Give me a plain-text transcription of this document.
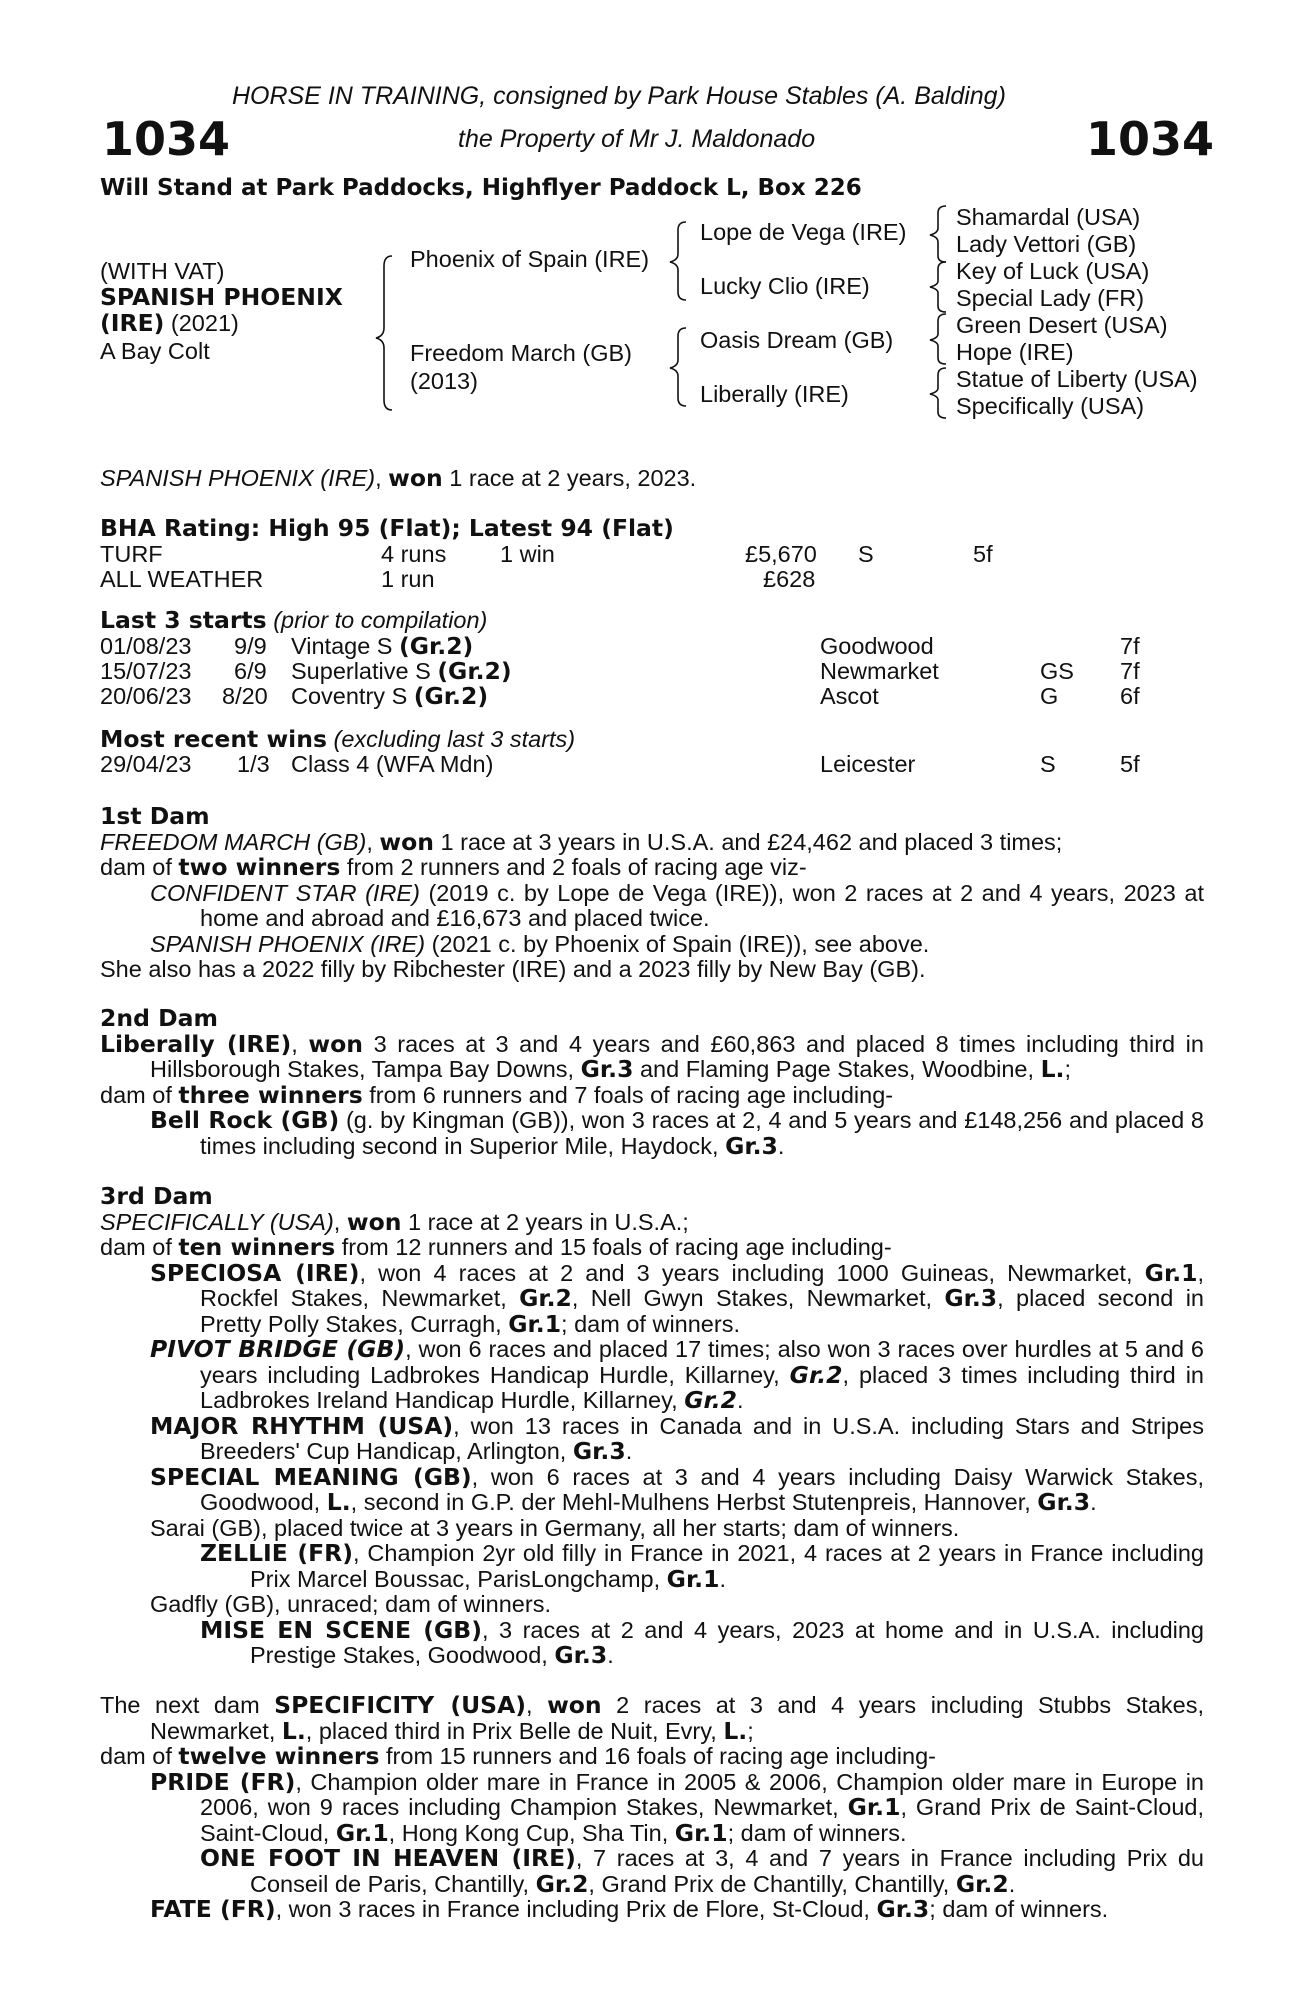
HORSE IN TRAINING, consigned by Park House Stables (A. Balding)
1034	the Property of Mr J. Maldonado	1034
Will Stand at Park Paddocks, Highflyer Paddock L, Box 226
(WITH VAT)
SPANISH PHOENIX
(IRE) (2021)
A Bay Colt
Phoenix of Spain (IRE)
Freedom March (GB)
(2013)
Lope de Vega (IRE)
Lucky Clio (IRE)
Oasis Dream (GB)
Liberally (IRE)
Shamardal (USA)
Lady Vettori (GB)
Key of Luck (USA)
Special Lady (FR)
Green Desert (USA)
Hope (IRE)
Statue of Liberty (USA)
Specifically (USA)
SPANISH PHOENIX (IRE), won 1 race at 2 years, 2023.
BHA Rating: High 95 (Flat); Latest 94 (Flat)
TURF	4 runs 1 win	£5,670 S	5f
ALL WEATHER	1 run	£628
Last 3 starts (prior to compilation)
01/08/23 9/9 Vintage S (Gr.2)	Goodwood	7f
15/07/23 6/9 Superlative S (Gr.2)	Newmarket	GS 7f
20/06/23 8/20 Coventry S (Gr.2)	Ascot	G	6f
Most recent wins (excluding last 3 starts)
29/04/23 1/3 Class 4 (WFA Mdn)	Leicester	S	5f

1st Dam

FREEDOM MARCH (GB), won 1 race at 3 years in U.S.A. and £24,462 and placed 3 times;

dam of two winners from 2 runners and 2 foals of racing age viz-

CONFIDENT STAR (IRE) (2019 c. by Lope de Vega (IRE)), won 2 races at 2 and 4 years, 2023 at home and abroad and £16,673 and placed twice.

SPANISH PHOENIX (IRE) (2021 c. by Phoenix of Spain (IRE)), see above.

She also has a 2022 filly by Ribchester (IRE) and a 2023 filly by New Bay (GB).

2nd Dam

Liberally (IRE), won 3 races at 3 and 4 years and £60,863 and placed 8 times including third in Hillsborough Stakes, Tampa Bay Downs, Gr.3 and Flaming Page Stakes, Woodbine, L.;

dam of three winners from 6 runners and 7 foals of racing age including-

Bell Rock (GB) (g. by Kingman (GB)), won 3 races at 2, 4 and 5 years and £148,256 and placed 8 times including second in Superior Mile, Haydock, Gr.3.

3rd Dam

SPECIFICALLY (USA), won 1 race at 2 years in U.S.A.;

dam of ten winners from 12 runners and 15 foals of racing age including-

SPECIOSA (IRE), won 4 races at 2 and 3 years including 1000 Guineas, Newmarket, Gr.1, Rockfel Stakes, Newmarket, Gr.2, Nell Gwyn Stakes, Newmarket, Gr.3, placed second in Pretty Polly Stakes, Curragh, Gr.1; dam of winners.

PIVOT BRIDGE (GB), won 6 races and placed 17 times; also won 3 races over hurdles at 5 and 6 years including Ladbrokes Handicap Hurdle, Killarney, Gr.2, placed 3 times including third in Ladbrokes Ireland Handicap Hurdle, Killarney, Gr.2.

MAJOR RHYTHM (USA), won 13 races in Canada and in U.S.A. including Stars and Stripes Breeders' Cup Handicap, Arlington, Gr.3.

SPECIAL MEANING (GB), won 6 races at 3 and 4 years including Daisy Warwick Stakes, Goodwood, L., second in G.P. der Mehl-Mulhens Herbst Stutenpreis, Hannover, Gr.3.

Sarai (GB), placed twice at 3 years in Germany, all her starts; dam of winners.

ZELLIE (FR), Champion 2yr old filly in France in 2021, 4 races at 2 years in France including Prix Marcel Boussac, ParisLongchamp, Gr.1.

Gadfly (GB), unraced; dam of winners.

MISE EN SCENE (GB), 3 races at 2 and 4 years, 2023 at home and in U.S.A. including Prestige Stakes, Goodwood, Gr.3.

The next dam SPECIFICITY (USA), won 2 races at 3 and 4 years including Stubbs Stakes, Newmarket, L., placed third in Prix Belle de Nuit, Evry, L.;

dam of twelve winners from 15 runners and 16 foals of racing age including-

PRIDE (FR), Champion older mare in France in 2005 & 2006, Champion older mare in Europe in 2006, won 9 races including Champion Stakes, Newmarket, Gr.1, Grand Prix de Saint-Cloud, Saint-Cloud, Gr.1, Hong Kong Cup, Sha Tin, Gr.1; dam of winners.

ONE FOOT IN HEAVEN (IRE), 7 races at 3, 4 and 7 years in France including Prix du Conseil de Paris, Chantilly, Gr.2, Grand Prix de Chantilly, Chantilly, Gr.2.

FATE (FR), won 3 races in France including Prix de Flore, St-Cloud, Gr.3; dam of winners.
